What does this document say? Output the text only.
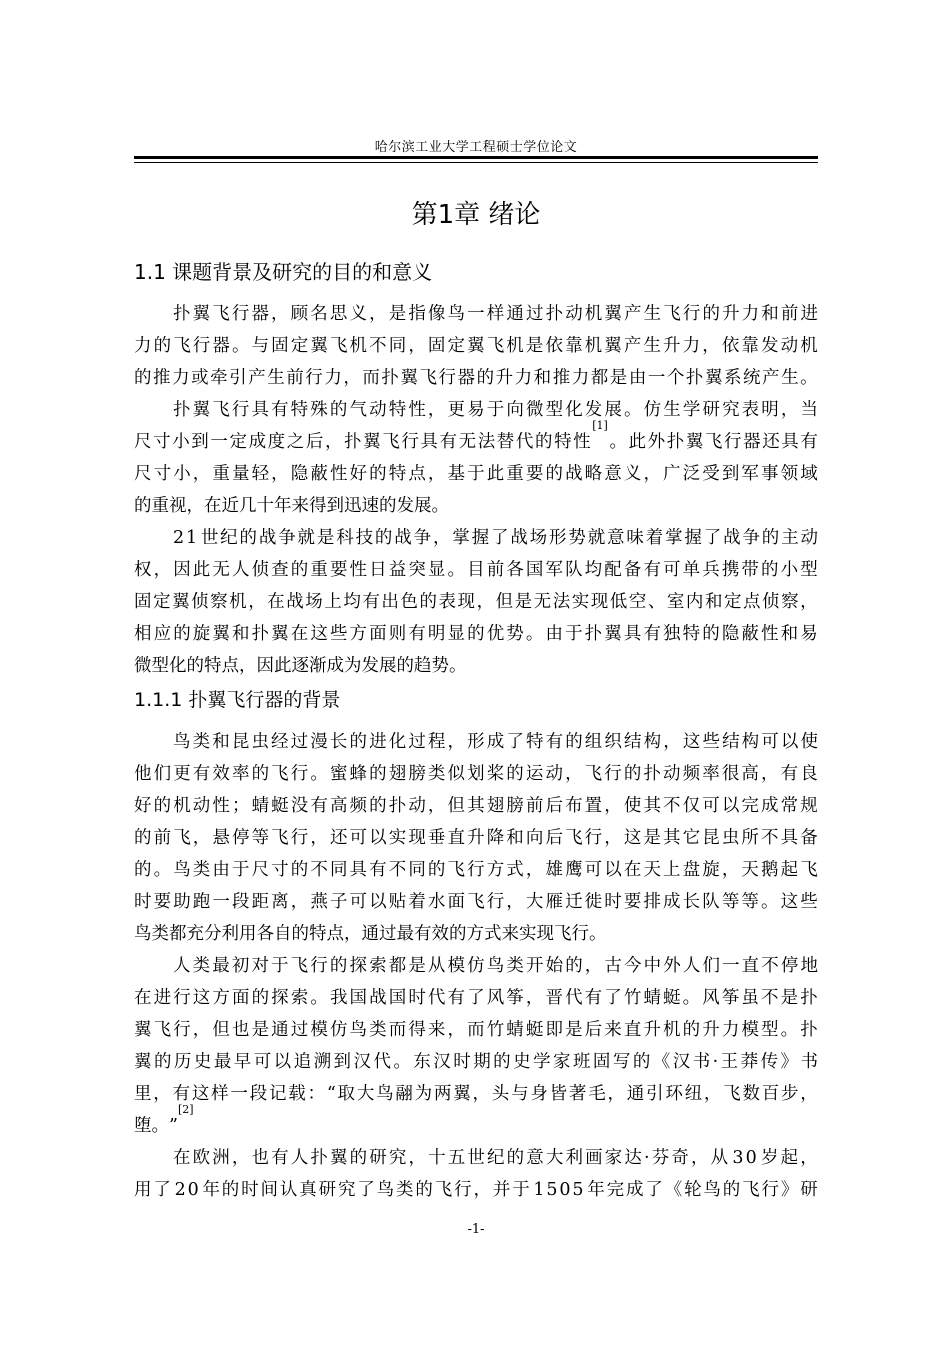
哈尔滨工业大学工程硕士学位论文
第1章 绪论
1.1 课题背景及研究的目的和意义
扑 翼 飞 行 器 ， 顾 名 思 义 ， 是 指 像 鸟 一 样 通 过 扑 动 机 翼 产 生 飞 行 的 升 力 和 前 进
力 的 飞 行 器 。 与 固 定 翼 飞 机 不 同 ， 固 定 翼 飞 机 是 依 靠 机 翼 产 生 升 力 ， 依 靠 发 动 机
的 推 力 或 牵 引 产 生 前 行 力 ， 而 扑 翼 飞 行 器 的 升 力 和 推 力 都 是 由 一 个 扑 翼 系 统 产 生 。
扑 翼 飞 行 具 有 特 殊 的 气 动 特 性 ， 更 易 于 向 微 型 化 发 展 。 仿 生 学 研 究 表 明 ， 当
尺 寸 小 到 一 定 成 度 之 后 ， 扑 翼 飞 行 具 有 无 法 替 代 的 特 性
[1]
。 此 外 扑 翼 飞 行 器 还 具 有
尺 寸 小 ， 重 量 轻 ， 隐 蔽 性 好 的 特 点 ， 基 于 此 重 要 的 战 略 意 义 ， 广 泛 受 到 军 事 领 域
的 重 视 ， 在 近 几 十 年 来 得 到 迅 速 的 发 展 。
2 1 世 纪 的 战 争 就 是 科 技 的 战 争 ， 掌 握 了 战 场 形 势 就 意 味 着 掌 握 了 战 争 的 主 动
权 ， 因 此 无 人 侦 查 的 重 要 性 日 益 突 显 。 目 前 各 国 军 队 均 配 备 有 可 单 兵 携 带 的 小 型
固 定 翼 侦 察 机 ， 在 战 场 上 均 有 出 色 的 表 现 ， 但 是 无 法 实 现 低 空 、 室 内 和 定 点 侦 察 ，
相 应 的 旋 翼 和 扑 翼 在 这 些 方 面 则 有 明 显 的 优 势 。 由 于 扑 翼 具 有 独 特 的 隐 蔽 性 和 易
微 型 化 的 特 点 ， 因 此 逐 渐 成 为 发 展 的 趋 势 。
1.1.1 扑翼飞行器的背景
鸟 类 和 昆 虫 经 过 漫 长 的 进 化 过 程 ， 形 成 了 特 有 的 组 织 结 构 ， 这 些 结 构 可 以 使
他 们 更 有 效 率 的 飞 行 。 蜜 蜂 的 翅 膀 类 似 划 桨 的 运 动 ， 飞 行 的 扑 动 频 率 很 高 ， 有 良
好 的 机 动 性 ； 蜻 蜓 没 有 高 频 的 扑 动 ， 但 其 翅 膀 前 后 布 置 ， 使 其 不 仅 可 以 完 成 常 规
的 前 飞 ， 悬 停 等 飞 行 ， 还 可 以 实 现 垂 直 升 降 和 向 后 飞 行 ， 这 是 其 它 昆 虫 所 不 具 备
的 。 鸟 类 由 于 尺 寸 的 不 同 具 有 不 同 的 飞 行 方 式 ， 雄 鹰 可 以 在 天 上 盘 旋 ， 天 鹅 起 飞
时 要 助 跑 一 段 距 离 ， 燕 子 可 以 贴 着 水 面 飞 行 ， 大 雁 迁 徙 时 要 排 成 长 队 等 等 。 这 些
鸟 类 都 充 分 利 用 各 自 的 特 点 ， 通 过 最 有 效 的 方 式 来 实 现 飞 行 。
人 类 最 初 对 于 飞 行 的 探 索 都 是 从 模 仿 鸟 类 开 始 的 ， 古 今 中 外 人 们 一 直 不 停 地
在 进 行 这 方 面 的 探 索 。 我 国 战 国 时 代 有 了 风 筝 ， 晋 代 有 了 竹 蜻 蜓 。 风 筝 虽 不 是 扑
翼 飞 行 ， 但 也 是 通 过 模 仿 鸟 类 而 得 来 ， 而 竹 蜻 蜓 即 是 后 来 直 升 机 的 升 力 模 型 。 扑
翼 的 历 史 最 早 可 以 追 溯 到 汉 代 。 东 汉 时 期 的 史 学 家 班 固 写 的 《 汉 书 · 王 莽 传 》 书
里 ， 有 这 样 一 段 记 载 ： “ 取 大 鸟 翮 为 两 翼 ， 头 与 身 皆 著 毛 ， 通 引 环 纽 ， 飞 数 百 步 ，
堕 。 ”
[2]
在 欧 洲 ， 也 有 人 扑 翼 的 研 究 ， 十 五 世 纪 的 意 大 利 画 家 达 · 芬 奇 ， 从 3 0 岁 起 ，
用 了 2 0 年 的 时 间 认 真 研 究 了 鸟 类 的 飞 行 ， 并 于 1 5 0 5 年 完 成 了 《 轮 鸟 的 飞 行 》 研
-1-
